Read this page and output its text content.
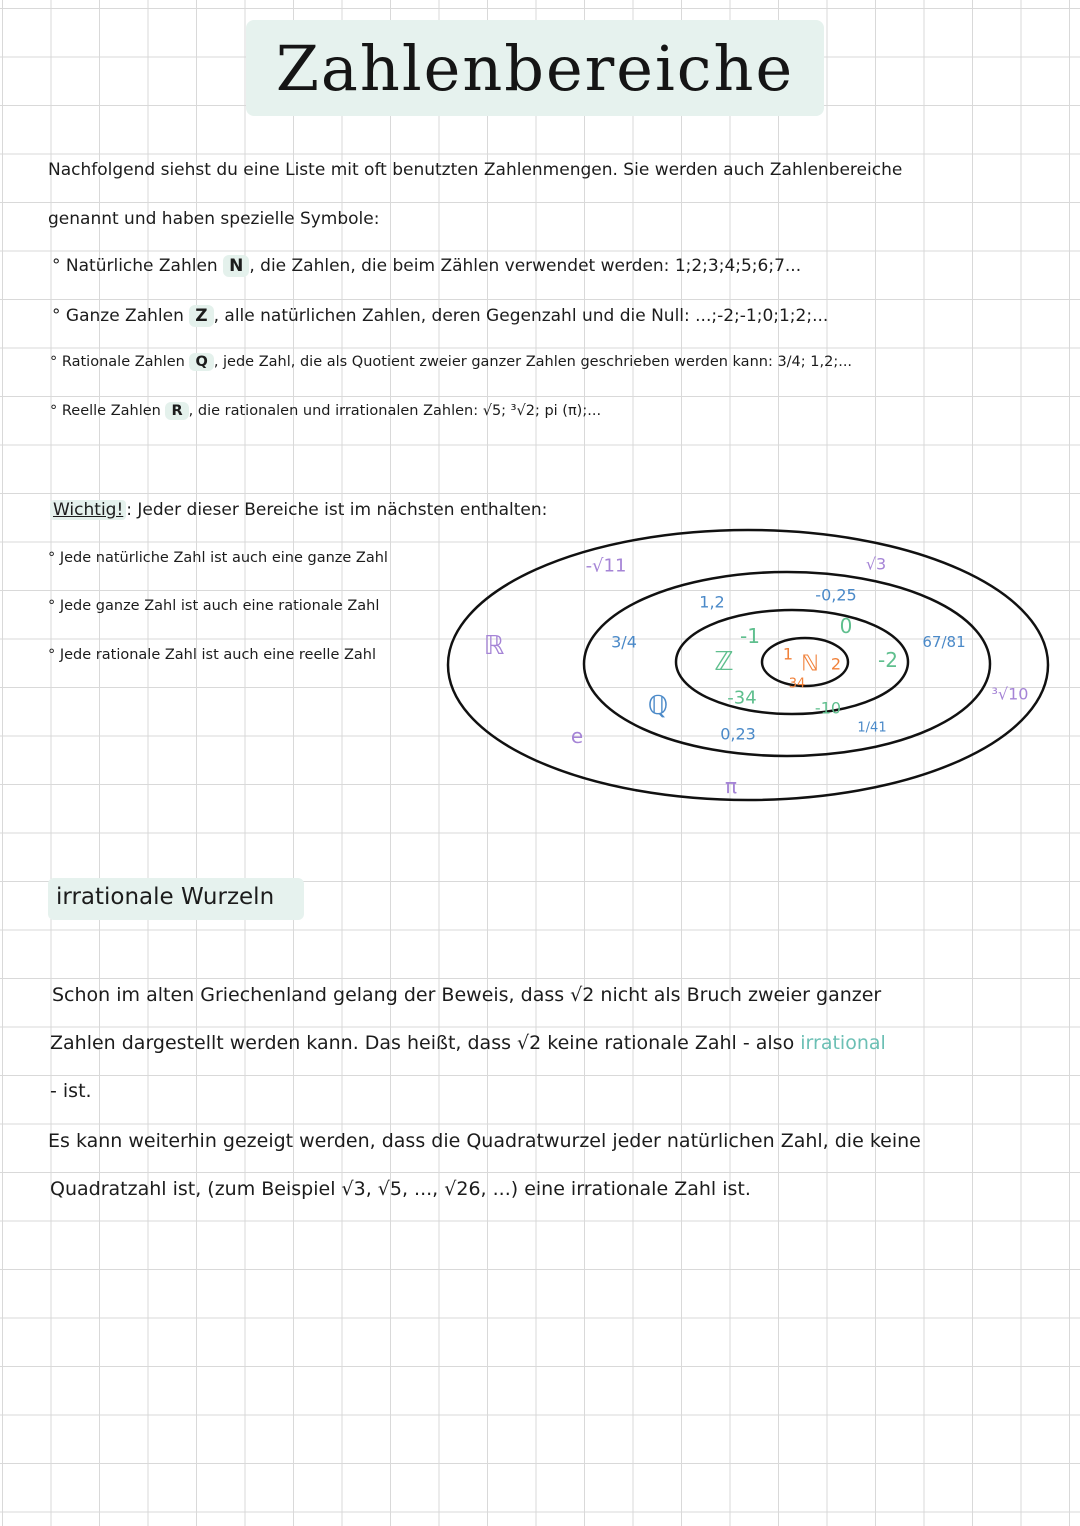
Zahlenbereiche
Nachfolgend siehst du eine Liste mit oft benutzten Zahlenmengen. Sie werden auch Zahlenbereiche
genannt und haben spezielle Symbole:
° Natürliche Zahlen N , die Zahlen, die beim Zählen verwendet werden: 1;2;3;4;5;6;7...
° Ganze Zahlen Z , alle natürlichen Zahlen, deren Gegenzahl und die Null: ...;-2;-1;0;1;2;...
° Rationale Zahlen Q , jede Zahl, die als Quotient zweier ganzer Zahlen geschrieben werden kann: 3/4; 1,2;...
° Reelle Zahlen R , die rationalen und irrationalen Zahlen: √5; ³√2; pi (π);...
Wichtig! : Jeder dieser Bereiche ist im nächsten enthalten:
° Jede natürliche Zahl ist auch eine ganze Zahl
° Jede ganze Zahl ist auch eine rationale Zahl
° Jede rationale Zahl ist auch eine reelle Zahl	ℝ
ℚ
ℤ	ℕ
-√11	√3
e
π
³√10
3/4
1,2	-0,25
0,23
67/81
1/41
-1	0
-2
-34	-10
1
2
34
irrationale Wurzeln
Schon im alten Griechenland gelang der Beweis, dass √2 nicht als Bruch zweier ganzer
Zahlen dargestellt werden kann. Das heißt, dass √2 keine rationale Zahl - also irrational
- ist.
Es kann weiterhin gezeigt werden, dass die Quadratwurzel jeder natürlichen Zahl, die keine
Quadratzahl ist, (zum Beispiel √3, √5, ..., √26, ...) eine irrationale Zahl ist.
